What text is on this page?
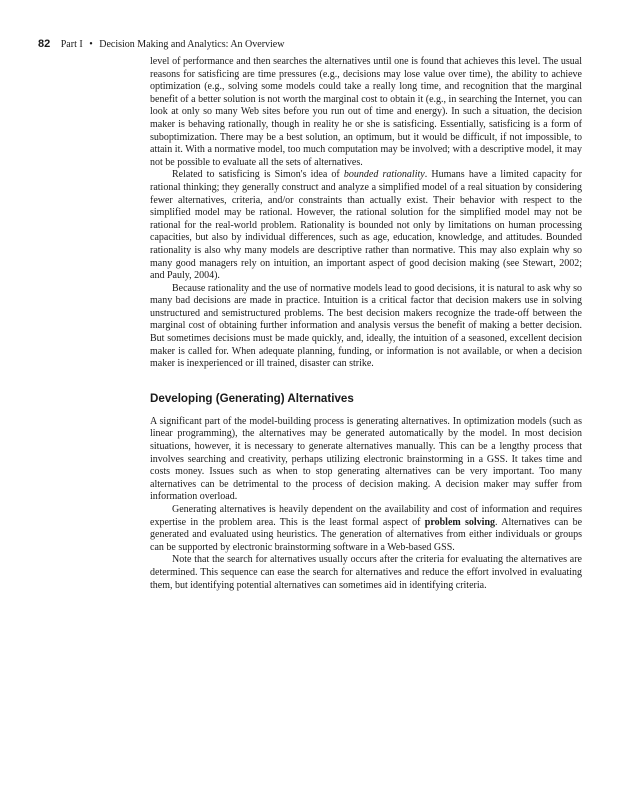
82 Part I • Decision Making and Analytics: An Overview

level of performance and then searches the alternatives until one is found that achieves this level. The usual reasons for satisficing are time pressures (e.g., decisions may lose value over time), the ability to achieve optimization (e.g., solving some models could take a really long time, and recognition that the marginal benefit of a better solution is not worth the marginal cost to obtain it (e.g., in searching the Internet, you can look at only so many Web sites before you run out of time and energy). In such a situation, the decision maker is behaving rationally, though in reality he or she is satisficing. Essentially, satisficing is a form of suboptimization. There may be a best solution, an optimum, but it would be difficult, if not impossible, to attain it. With a normative model, too much computation may be involved; with a descriptive model, it may not be possible to evaluate all the sets of alternatives.

Related to satisficing is Simon's idea of bounded rationality. Humans have a limited capacity for rational thinking; they generally construct and analyze a simplified model of a real situation by considering fewer alternatives, criteria, and/or constraints than actually exist. Their behavior with respect to the simplified model may be rational. However, the rational solution for the simplified model may not be rational for the real-world problem. Rationality is bounded not only by limitations on human processing capacities, but also by individual differences, such as age, education, knowledge, and attitudes. Bounded rationality is also why many models are descriptive rather than normative. This may also explain why so many good managers rely on intuition, an important aspect of good decision making (see Stewart, 2002; and Pauly, 2004).

Because rationality and the use of normative models lead to good decisions, it is natural to ask why so many bad decisions are made in practice. Intuition is a critical factor that decision makers use in solving unstructured and semistructured problems. The best decision makers recognize the trade-off between the marginal cost of obtaining further information and analysis versus the benefit of making a better decision. But sometimes decisions must be made quickly, and, ideally, the intuition of a seasoned, excellent decision maker is called for. When adequate planning, funding, or information is not available, or when a decision maker is inexperienced or ill trained, disaster can strike.

Developing (Generating) Alternatives

A significant part of the model-building process is generating alternatives. In optimization models (such as linear programming), the alternatives may be generated automatically by the model. In most decision situations, however, it is necessary to generate alternatives manually. This can be a lengthy process that involves searching and creativity, perhaps utilizing electronic brainstorming in a GSS. It takes time and costs money. Issues such as when to stop generating alternatives can be very important. Too many alternatives can be detrimental to the process of decision making. A decision maker may suffer from information overload.

Generating alternatives is heavily dependent on the availability and cost of information and requires expertise in the problem area. This is the least formal aspect of problem solving. Alternatives can be generated and evaluated using heuristics. The generation of alternatives from either individuals or groups can be supported by electronic brainstorming software in a Web-based GSS.

Note that the search for alternatives usually occurs after the criteria for evaluating the alternatives are determined. This sequence can ease the search for alternatives and reduce the effort involved in evaluating them, but identifying potential alternatives can sometimes aid in identifying criteria.
